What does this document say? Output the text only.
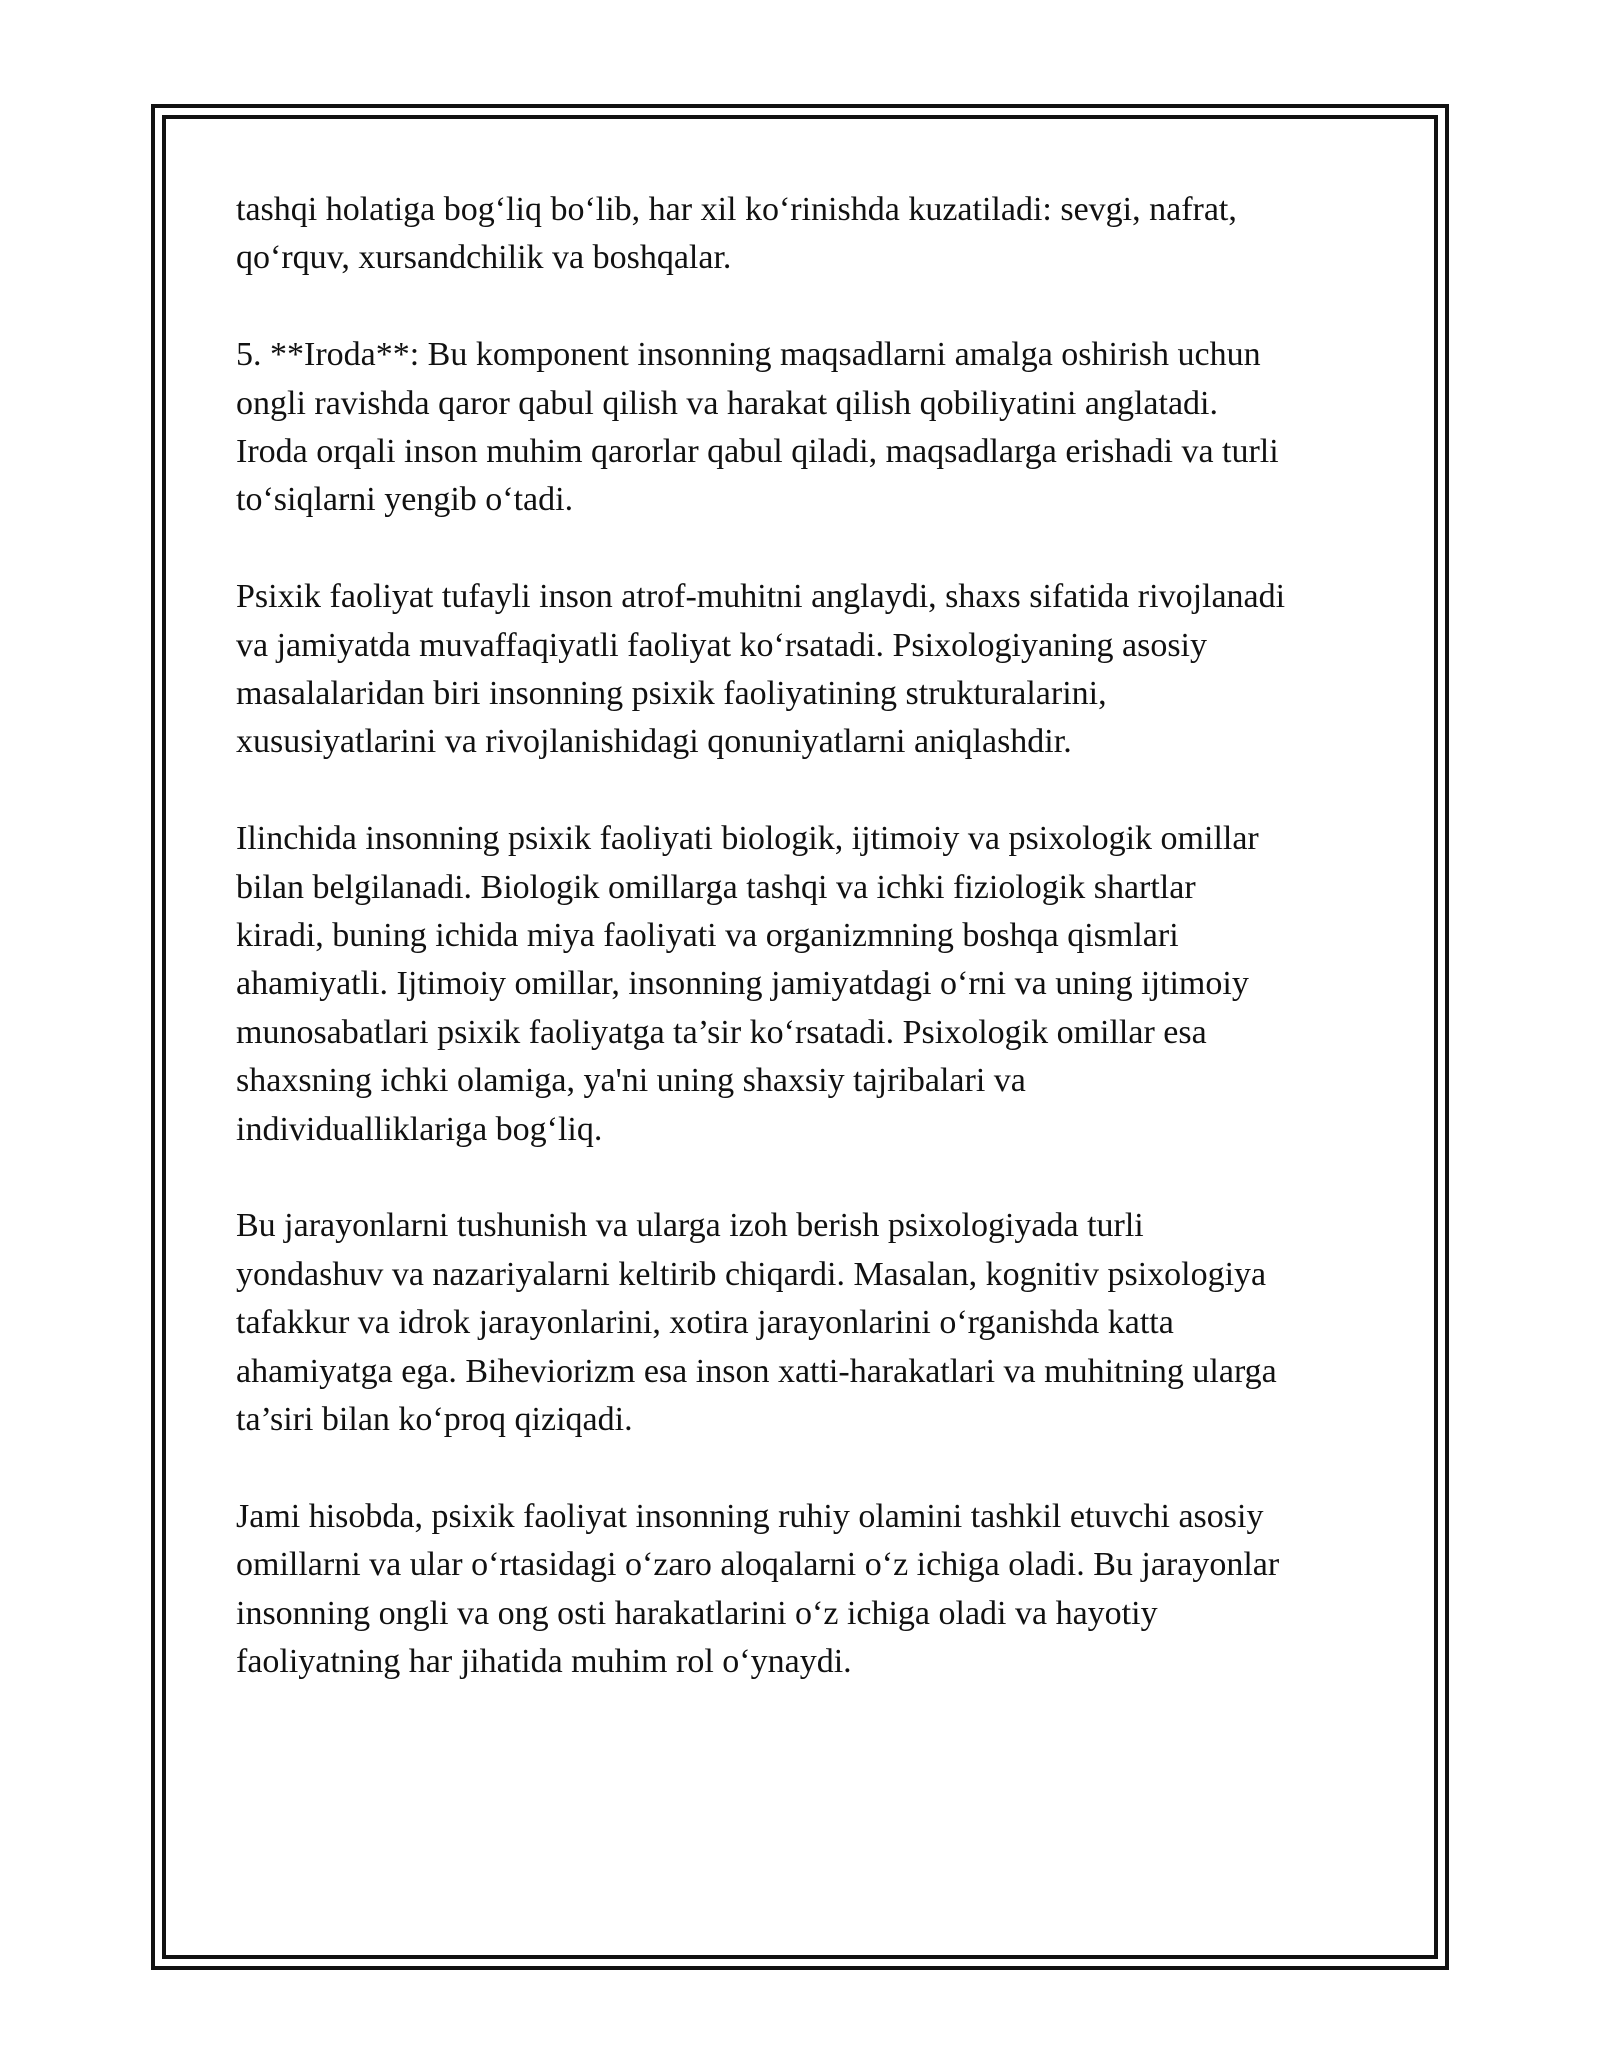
tashqi holatiga bog‘liq bo‘lib, har xil ko‘rinishda kuzatiladi: sevgi, nafrat,
qo‘rquv, xursandchilik va boshqalar.

5. **Iroda**: Bu komponent insonning maqsadlarni amalga oshirish uchun
ongli ravishda qaror qabul qilish va harakat qilish qobiliyatini anglatadi.
Iroda orqali inson muhim qarorlar qabul qiladi, maqsadlarga erishadi va turli
to‘siqlarni yengib o‘tadi.

Psixik faoliyat tufayli inson atrof-muhitni anglaydi, shaxs sifatida rivojlanadi
va jamiyatda muvaffaqiyatli faoliyat ko‘rsatadi. Psixologiyaning asosiy
masalalaridan biri insonning psixik faoliyatining strukturalarini,
xususiyatlarini va rivojlanishidagi qonuniyatlarni aniqlashdir.

Ilinchida insonning psixik faoliyati biologik, ijtimoiy va psixologik omillar
bilan belgilanadi. Biologik omillarga tashqi va ichki fiziologik shartlar
kiradi, buning ichida miya faoliyati va organizmning boshqa qismlari
ahamiyatli. Ijtimoiy omillar, insonning jamiyatdagi o‘rni va uning ijtimoiy
munosabatlari psixik faoliyatga ta’sir ko‘rsatadi. Psixologik omillar esa
shaxsning ichki olamiga, ya'ni uning shaxsiy tajribalari va
individualliklariga bog‘liq.

Bu jarayonlarni tushunish va ularga izoh berish psixologiyada turli
yondashuv va nazariyalarni keltirib chiqardi. Masalan, kognitiv psixologiya
tafakkur va idrok jarayonlarini, xotira jarayonlarini o‘rganishda katta
ahamiyatga ega. Biheviorizm esa inson xatti-harakatlari va muhitning ularga
ta’siri bilan ko‘proq qiziqadi.

Jami hisobda, psixik faoliyat insonning ruhiy olamini tashkil etuvchi asosiy
omillarni va ular o‘rtasidagi o‘zaro aloqalarni o‘z ichiga oladi. Bu jarayonlar
insonning ongli va ong osti harakatlarini o‘z ichiga oladi va hayotiy
faoliyatning har jihatida muhim rol o‘ynaydi.
